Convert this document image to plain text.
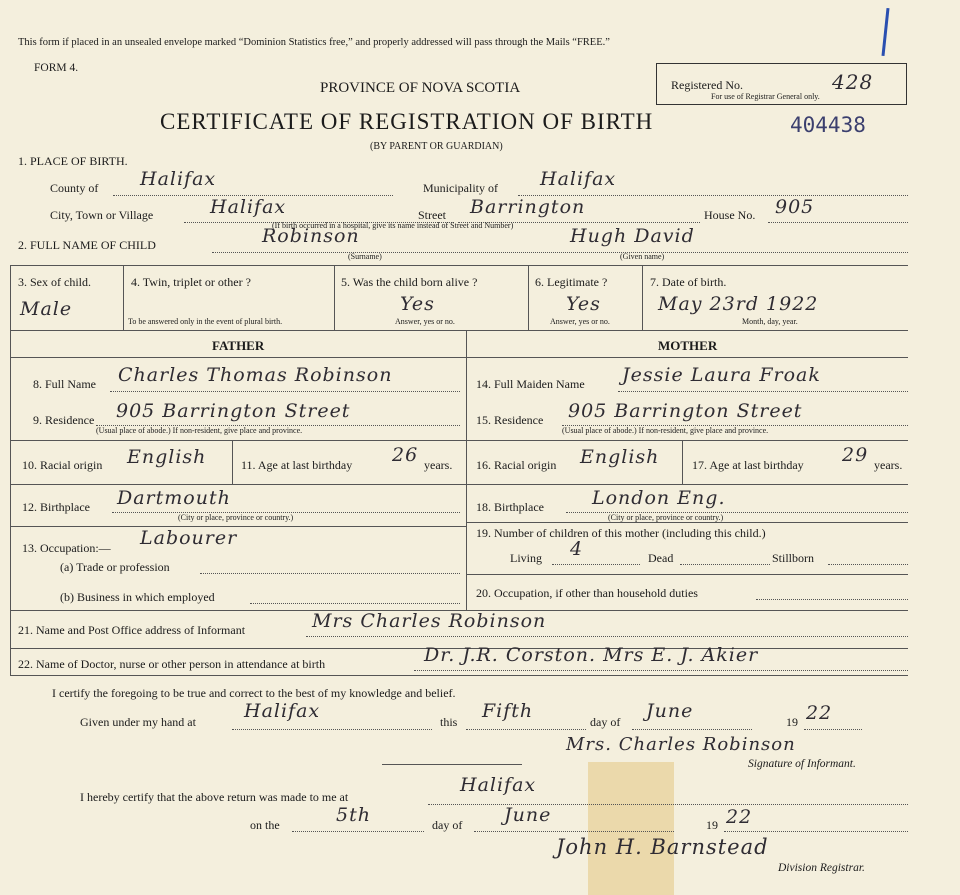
This form if placed in an unsealed envelope marked “Dominion Statistics free,” and properly addressed will pass through the Mails “FREE.”
FORM 4.
PROVINCE OF NOVA SCOTIA
CERTIFICATE OF REGISTRATION OF BIRTH
(BY PARENT OR GUARDIAN)
Registered No.	428
For use of Registrar General only.
404438
1. PLACE OF BIRTH.
County of Halifax	Municipality of Halifax
City, Town or Village	Halifax	Street Barrington
(If birth occurred in a hospital, give its name instead of Street and Number)
House No. 905
2. FULL NAME OF CHILD	Robinson	Hugh David
(Surname)	(Given name)
3. Sex of child.
Male
4. Twin, triplet or other ?
To be answered only in the event of plural birth.
5. Was the child born alive ?
Yes
Answer, yes or no.
6. Legitimate ?
Yes
Answer, yes or no.
7. Date of birth.
May 23rd 1922
Month, day, year.
FATHER	MOTHER
8. Full Name Charles Thomas Robinson
9. Residence 905 Barrington Street
(Usual place of abode.) If non-resident, give place and province.
10. Racial origin English	11. Age at last birthday 26 years.
12. Birthplace Dartmouth
(City or place, province or country.)
13. Occupation:— Labourer
(a) Trade or profession
(b) Business in which employed
14. Full Maiden Name Jessie Laura Froak
15. Residence 905 Barrington Street
(Usual place of abode.) If non-resident, give place and province.
16. Racial origin English	17. Age at last birthday 29 years.
18. Birthplace	London Eng.
(City or place, province or country.)
19. Number of children of this mother (including this child.)
Living 4	Dead	Stillborn
20. Occupation, if other than household duties
21. Name and Post Office address of Informant	Mrs Charles Robinson
22. Name of Doctor, nurse or other person in attendance at birth	Dr. J.R. Corston. Mrs E. J. Akier
I certify the foregoing to be true and correct to the best of my knowledge and belief.
Given under my hand at	Halifax	this Fifth	day of June	19 22
Mrs. Charles Robinson
Signature of Informant.
I hereby certify that the above return was made to me at
Halifax
on the	5th	day of June	19 22
John H. Barnstead
Division Registrar.
